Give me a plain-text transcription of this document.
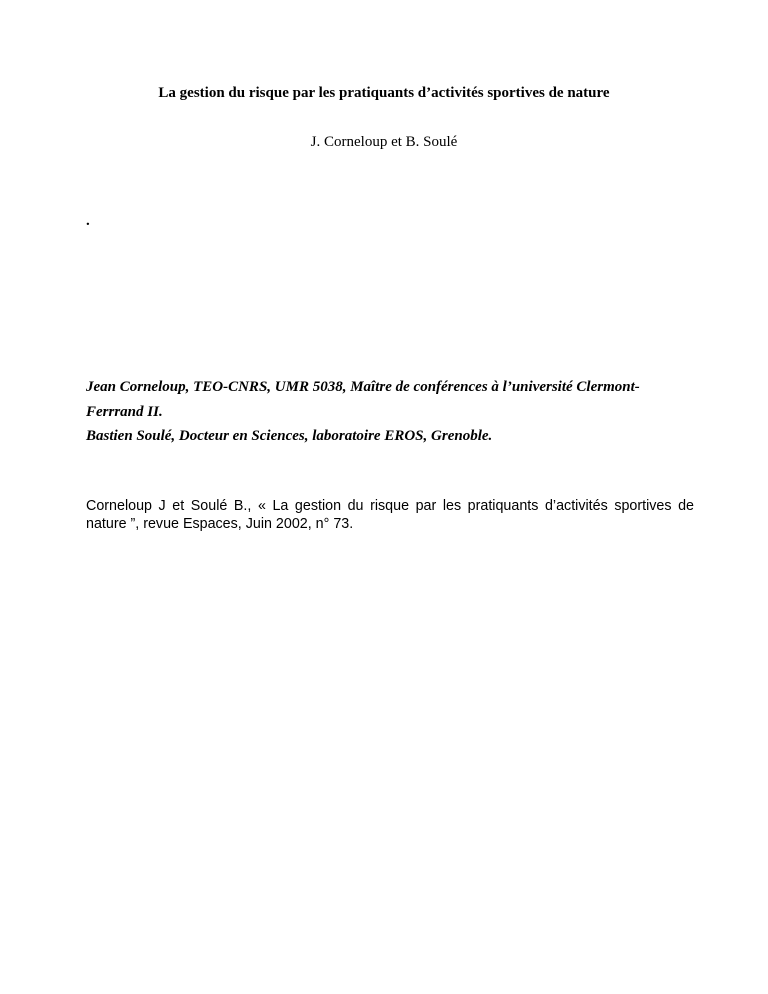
La gestion du risque par les pratiquants d’activités sportives de nature
J. Corneloup et B. Soulé
.
Jean Corneloup, TEO-CNRS, UMR 5038, Maître de conférences à l’université Clermont-
Ferrrand II.
Bastien Soulé, Docteur en Sciences, laboratoire EROS, Grenoble.
Corneloup J et Soulé B., « La gestion du risque par les pratiquants d’activités sportives de nature ”, revue Espaces, Juin 2002, n° 73.
